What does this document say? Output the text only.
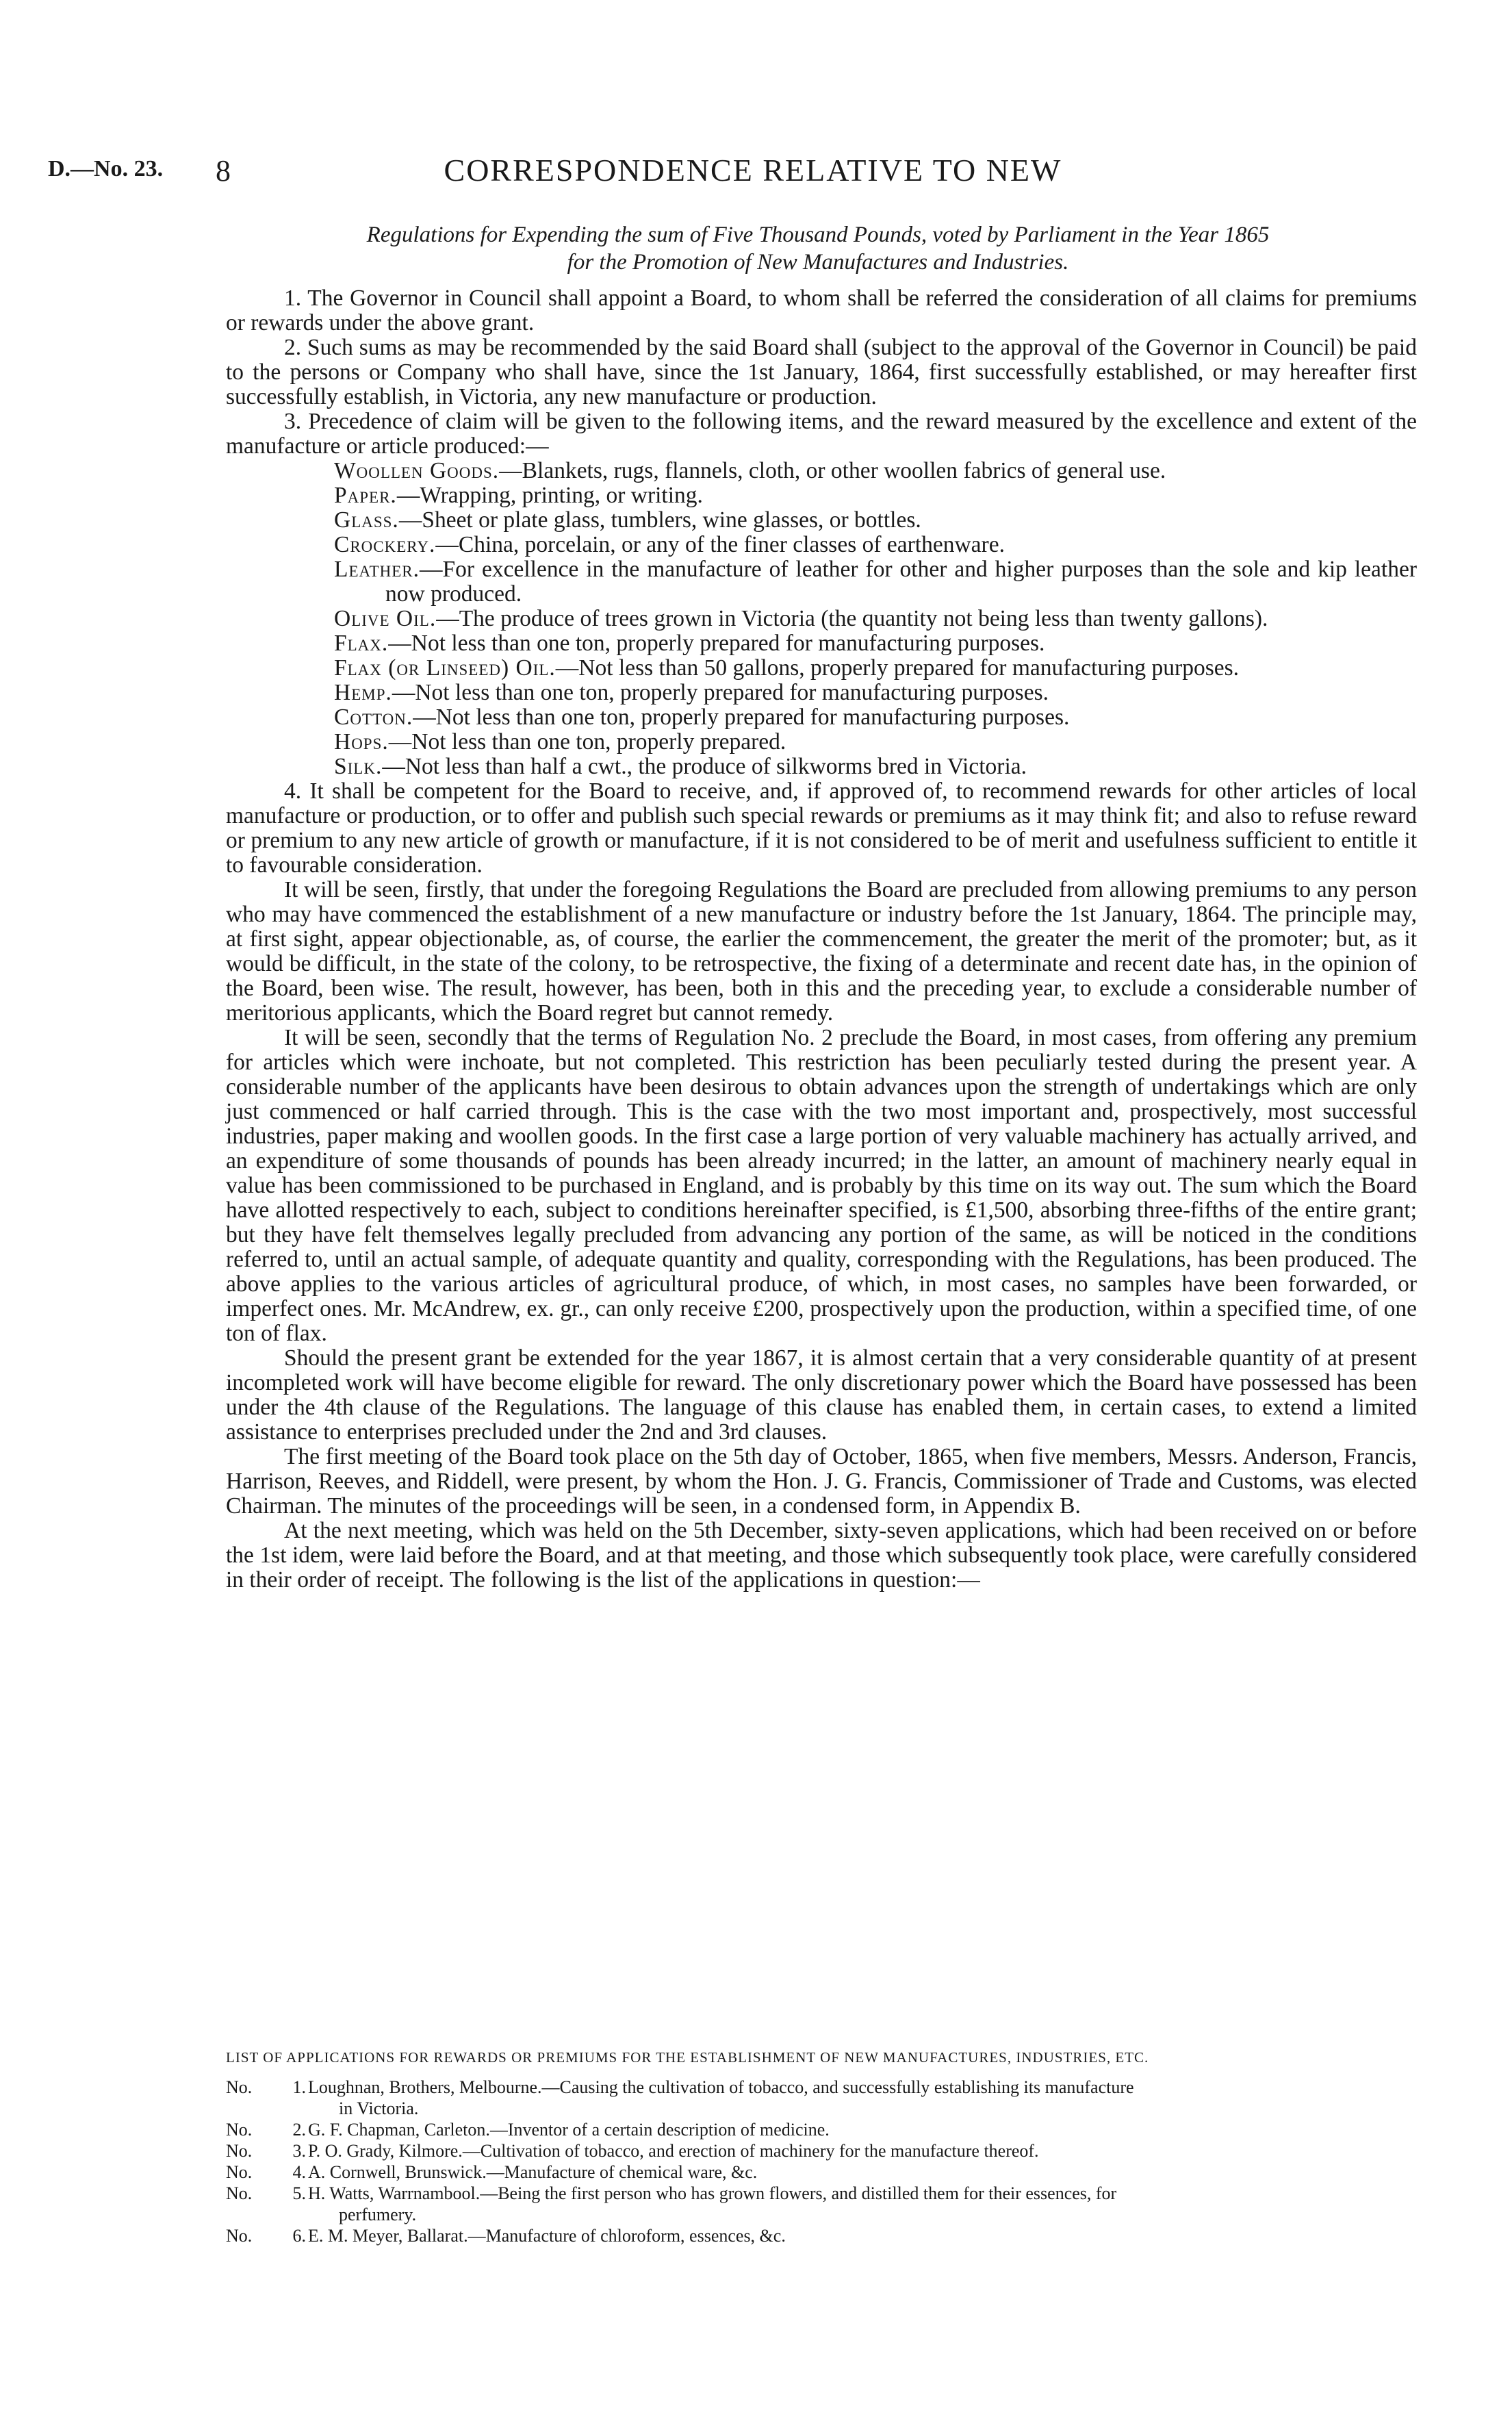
D.—No. 23. 8	CORRESPONDENCE RELATIVE TO NEW
Regulations for Expending the sum of Five Thousand Pounds, voted by Parliament in the Year 1865
for the Promotion of New Manufactures and Industries.

1. The Governor in Council shall appoint a Board, to whom shall be referred the consideration of all claims for premiums or rewards under the above grant.

2. Such sums as may be recommended by the said Board shall (subject to the approval of the Governor in Council) be paid to the persons or Company who shall have, since the 1st January, 1864, first successfully established, or may hereafter first successfully establish, in Victoria, any new manufacture or production.

3. Precedence of claim will be given to the following items, and the reward measured by the excellence and extent of the manufacture or article produced:—

Woollen Goods.—Blankets, rugs, flannels, cloth, or other woollen fabrics of general use.
Paper.—Wrapping, printing, or writing.
Glass.—Sheet or plate glass, tumblers, wine glasses, or bottles.
Crockery.—China, porcelain, or any of the finer classes of earthenware.
Leather.—For excellence in the manufacture of leather for other and higher purposes than the sole and kip leather now produced.
Olive Oil.—The produce of trees grown in Victoria (the quantity not being less than twenty gallons).
Flax.—Not less than one ton, properly prepared for manufacturing purposes.
Flax (or Linseed) Oil.—Not less than 50 gallons, properly prepared for manufacturing purposes.
Hemp.—Not less than one ton, properly prepared for manufacturing purposes.
Cotton.—Not less than one ton, properly prepared for manufacturing purposes.
Hops.—Not less than one ton, properly prepared.
Silk.—Not less than half a cwt., the produce of silkworms bred in Victoria.

4. It shall be competent for the Board to receive, and, if approved of, to recommend rewards for other articles of local manufacture or production, or to offer and publish such special rewards or premiums as it may think fit; and also to refuse reward or premium to any new article of growth or manufacture, if it is not considered to be of merit and usefulness sufficient to entitle it to favourable consideration.

It will be seen, firstly, that under the foregoing Regulations the Board are precluded from allowing premiums to any person who may have commenced the establishment of a new manufacture or industry before the 1st January, 1864. The principle may, at first sight, appear objectionable, as, of course, the earlier the commencement, the greater the merit of the promoter; but, as it would be difficult, in the state of the colony, to be retrospective, the fixing of a determinate and recent date has, in the opinion of the Board, been wise. The result, however, has been, both in this and the preceding year, to exclude a considerable number of meritorious applicants, which the Board regret but cannot remedy.

It will be seen, secondly that the terms of Regulation No. 2 preclude the Board, in most cases, from offering any premium for articles which were inchoate, but not completed. This restriction has been peculiarly tested during the present year. A considerable number of the applicants have been desirous to obtain advances upon the strength of undertakings which are only just commenced or half carried through. This is the case with the two most important and, prospectively, most successful industries, paper making and woollen goods. In the first case a large portion of very valuable machinery has actually arrived, and an expenditure of some thousands of pounds has been already incurred; in the latter, an amount of machinery nearly equal in value has been commissioned to be purchased in England, and is probably by this time on its way out. The sum which the Board have allotted respectively to each, subject to conditions hereinafter specified, is £1,500, absorbing three-fifths of the entire grant; but they have felt themselves legally precluded from advancing any portion of the same, as will be noticed in the conditions referred to, until an actual sample, of adequate quantity and quality, corresponding with the Regulations, has been produced. The above applies to the various articles of agricultural produce, of which, in most cases, no samples have been forwarded, or imperfect ones. Mr. McAndrew, ex. gr., can only receive £200, prospectively upon the production, within a specified time, of one ton of flax.

Should the present grant be extended for the year 1867, it is almost certain that a very considerable quantity of at present incompleted work will have become eligible for reward. The only discretionary power which the Board have possessed has been under the 4th clause of the Regulations. The language of this clause has enabled them, in certain cases, to extend a limited assistance to enterprises precluded under the 2nd and 3rd clauses.

The first meeting of the Board took place on the 5th day of October, 1865, when five members, Messrs. Anderson, Francis, Harrison, Reeves, and Riddell, were present, by whom the Hon. J. G. Francis, Commissioner of Trade and Customs, was elected Chairman. The minutes of the proceedings will be seen, in a condensed form, in Appendix B.

At the next meeting, which was held on the 5th December, sixty-seven applications, which had been received on or before the 1st idem, were laid before the Board, and at that meeting, and those which subsequently took place, were carefully considered in their order of receipt. The following is the list of the applications in question:—

LIST OF APPLICATIONS FOR REWARDS OR PREMIUMS FOR THE ESTABLISHMENT OF NEW MANUFACTURES, INDUSTRIES, ETC.
No.	1. Loughnan, Brothers, Melbourne.—Causing the cultivation of tobacco, and successfully establishing its manufacture
in Victoria.
No.	2. G. F. Chapman, Carleton.—Inventor of a certain description of medicine.
No.	3. P. O. Grady, Kilmore.—Cultivation of tobacco, and erection of machinery for the manufacture thereof.
No.	4. A. Cornwell, Brunswick.—Manufacture of chemical ware, &c.
No.	5. H. Watts, Warrnambool.—Being the first person who has grown flowers, and distilled them for their essences, for
perfumery.
No.	6. E. M. Meyer, Ballarat.—Manufacture of chloroform, essences, &c.
